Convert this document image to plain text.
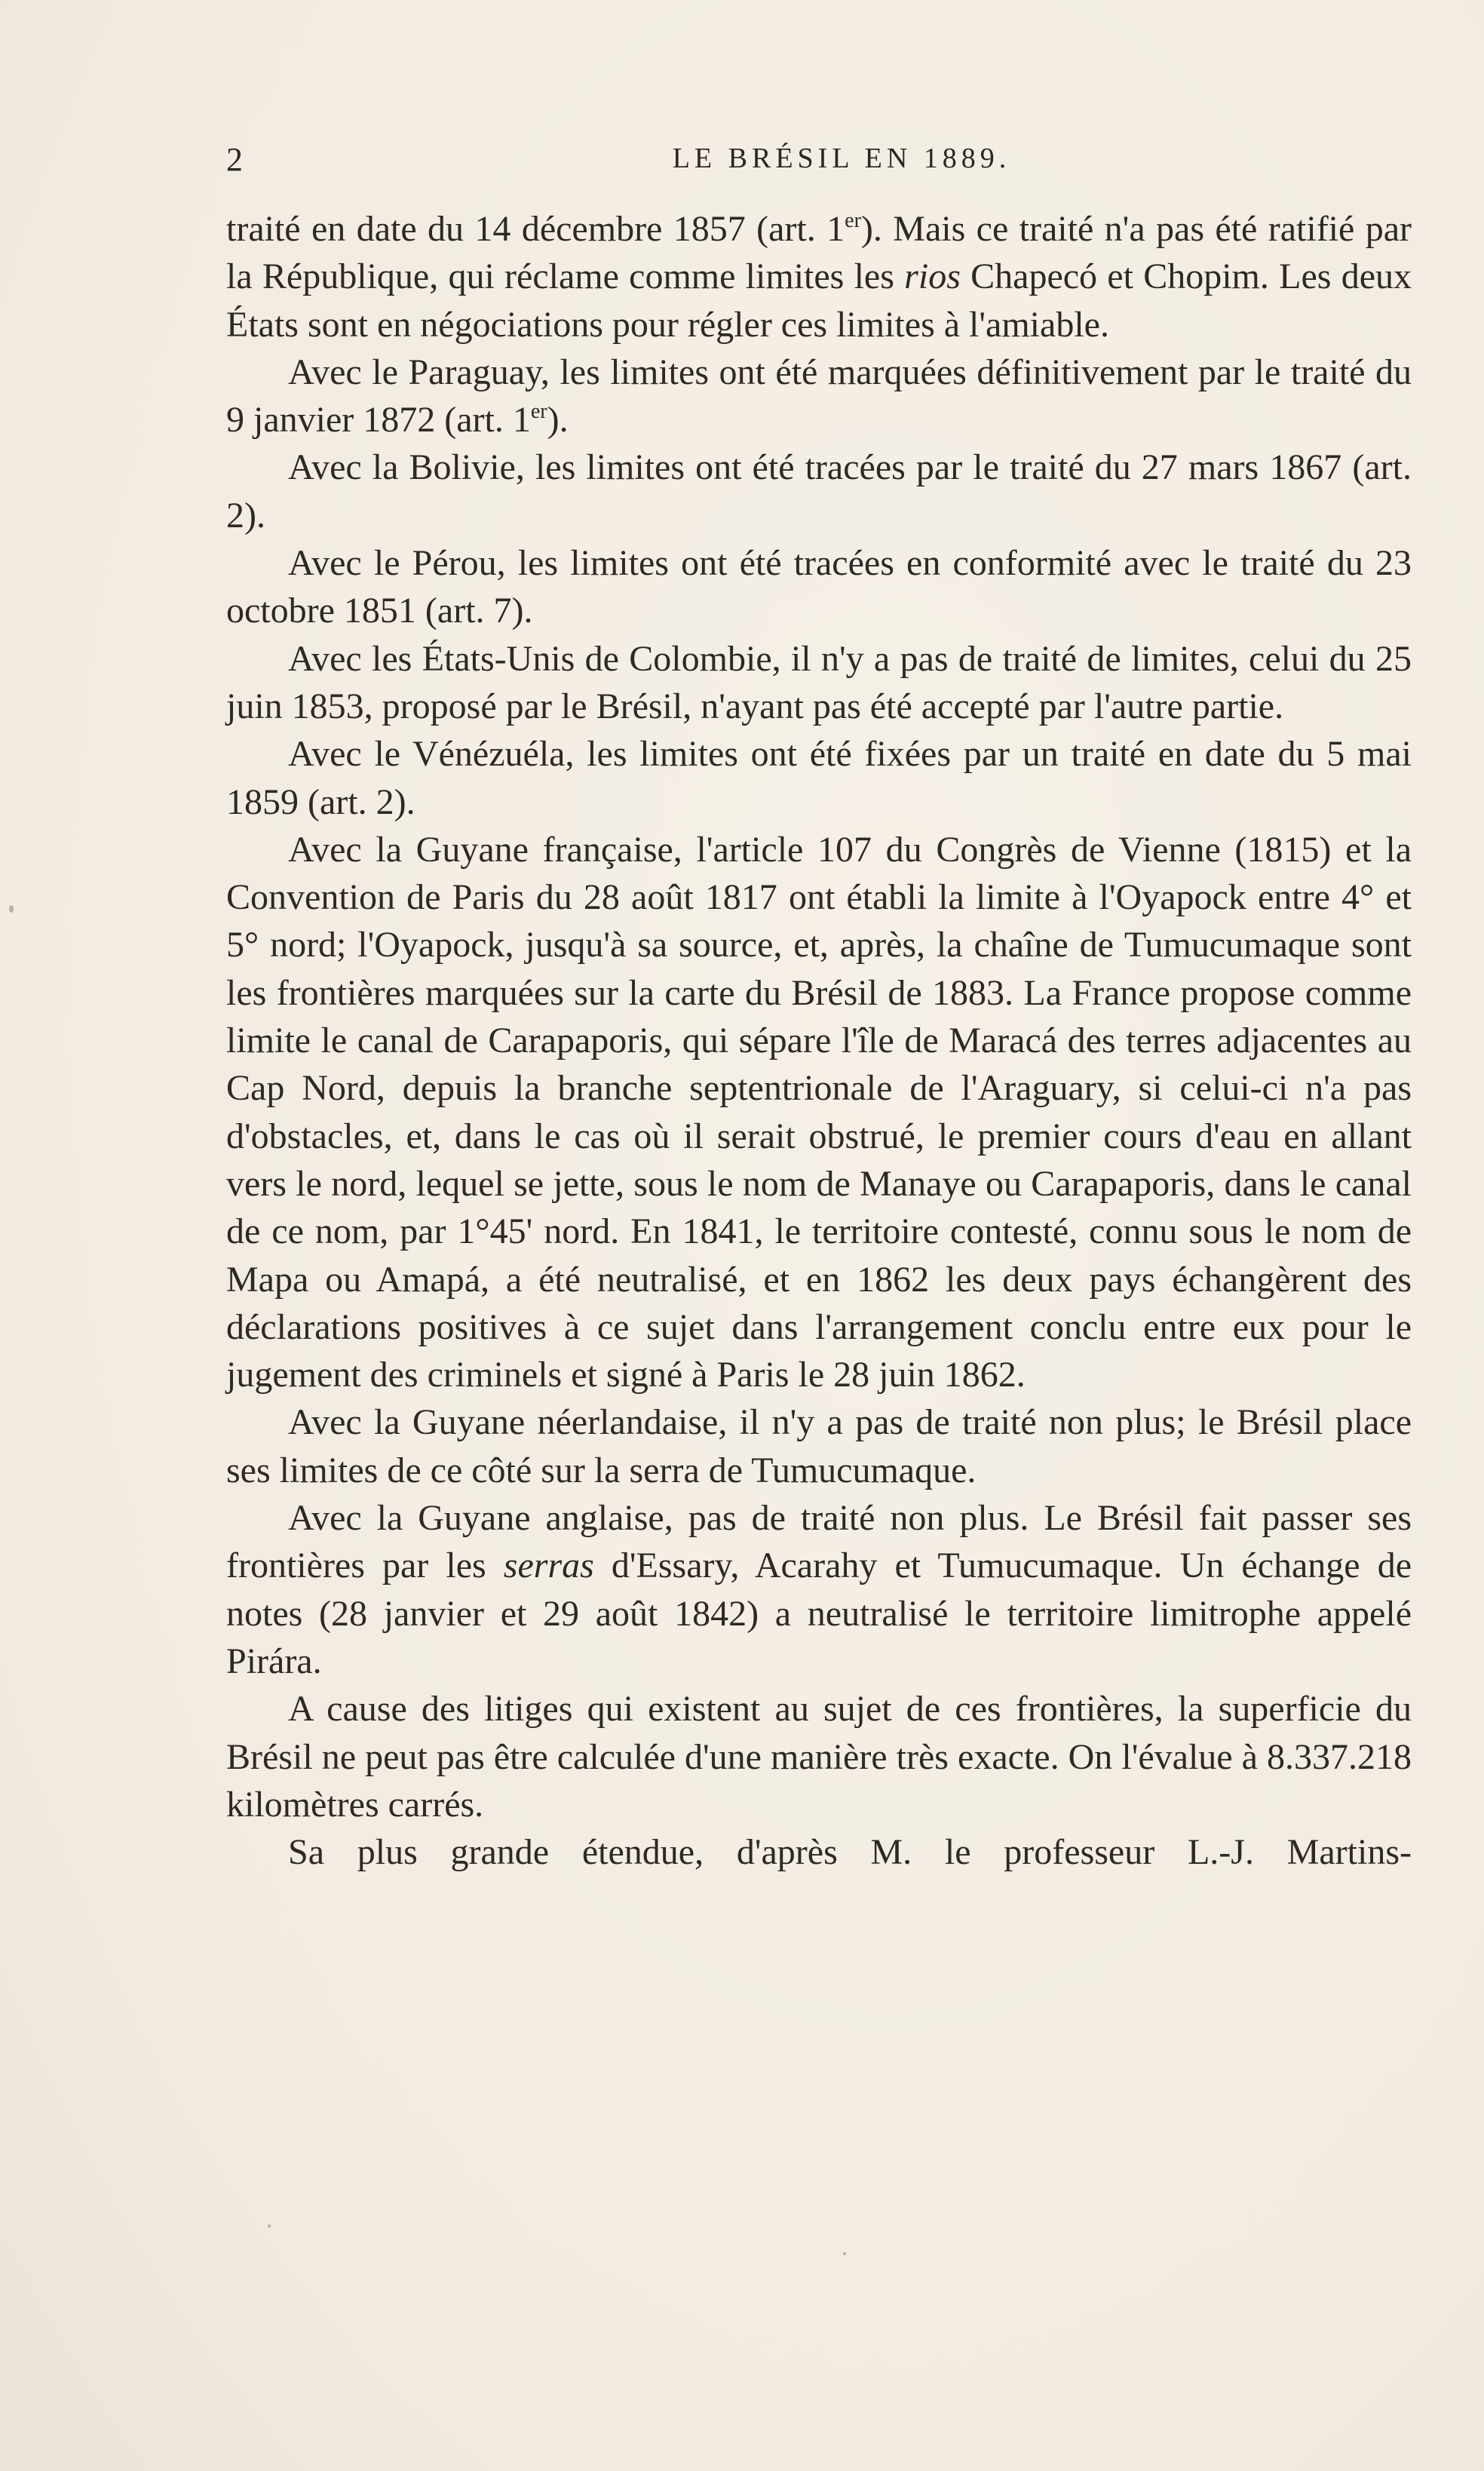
2	LE BRÉSIL EN 1889.

traité en date du 14 décembre 1857 (art. 1er). Mais ce traité n'a pas été ratifié par la République, qui réclame comme limites les rios Chapecó et Chopim. Les deux États sont en négociations pour régler ces limites à l'amiable.

Avec le Paraguay, les limites ont été marquées définitivement par le traité du 9 janvier 1872 (art. 1er).

Avec la Bolivie, les limites ont été tracées par le traité du 27 mars 1867 (art. 2).

Avec le Pérou, les limites ont été tracées en conformité avec le traité du 23 octobre 1851 (art. 7).

Avec les États-Unis de Colombie, il n'y a pas de traité de limites, celui du 25 juin 1853, proposé par le Brésil, n'ayant pas été accepté par l'autre partie.

Avec le Vénézuéla, les limites ont été fixées par un traité en date du 5 mai 1859 (art. 2).

Avec la Guyane française, l'article 107 du Congrès de Vienne (1815) et la Convention de Paris du 28 août 1817 ont établi la limite à l'Oyapock entre 4° et 5° nord; l'Oyapock, jusqu'à sa source, et, après, la chaîne de Tumucumaque sont les frontières marquées sur la carte du Brésil de 1883. La France propose comme limite le canal de Carapaporis, qui sépare l'île de Maracá des terres adjacentes au Cap Nord, depuis la branche septentrionale de l'Araguary, si celui-ci n'a pas d'obstacles, et, dans le cas où il serait obstrué, le premier cours d'eau en allant vers le nord, lequel se jette, sous le nom de Manaye ou Carapaporis, dans le canal de ce nom, par 1°45' nord. En 1841, le territoire contesté, connu sous le nom de Mapa ou Amapá, a été neutralisé, et en 1862 les deux pays échangèrent des déclarations positives à ce sujet dans l'arrangement conclu entre eux pour le jugement des criminels et signé à Paris le 28 juin 1862.

Avec la Guyane néerlandaise, il n'y a pas de traité non plus; le Brésil place ses limites de ce côté sur la serra de Tumucumaque.

Avec la Guyane anglaise, pas de traité non plus. Le Brésil fait passer ses frontières par les serras d'Essary, Acarahy et Tumucumaque. Un échange de notes (28 janvier et 29 août 1842) a neutralisé le territoire limitrophe appelé Pirára.

A cause des litiges qui existent au sujet de ces frontières, la superficie du Brésil ne peut pas être calculée d'une manière très exacte. On l'évalue à 8.337.218 kilomètres carrés.

Sa plus grande étendue, d'après M. le professeur L.-J. Martins-
